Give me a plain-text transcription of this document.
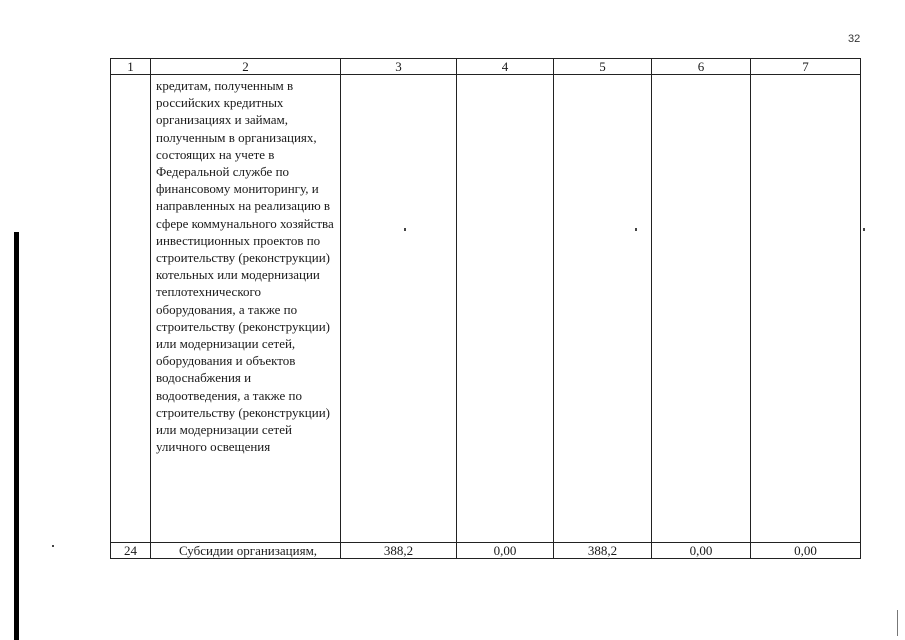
32
1	2	3	4	5	6	7

	кредитам, полученным в российских кредитных организациях и займам, полученным в организациях, состоящих на учете в Федеральной службе по финансовому мониторингу, и направленных на реализацию в сфере коммунального хозяйства инвестиционных проектов по строительству (реконструкции) котельных или модернизации теплотехнического оборудования, а также по строительству (реконструкции) или модернизации сетей, оборудования и объектов водоснабжения и водоотведения, а также по строительству (реконструкции) или модернизации сетей уличного освещения					

24	Субсидии организациям,	388,2	0,00	388,2	0,00	0,00
